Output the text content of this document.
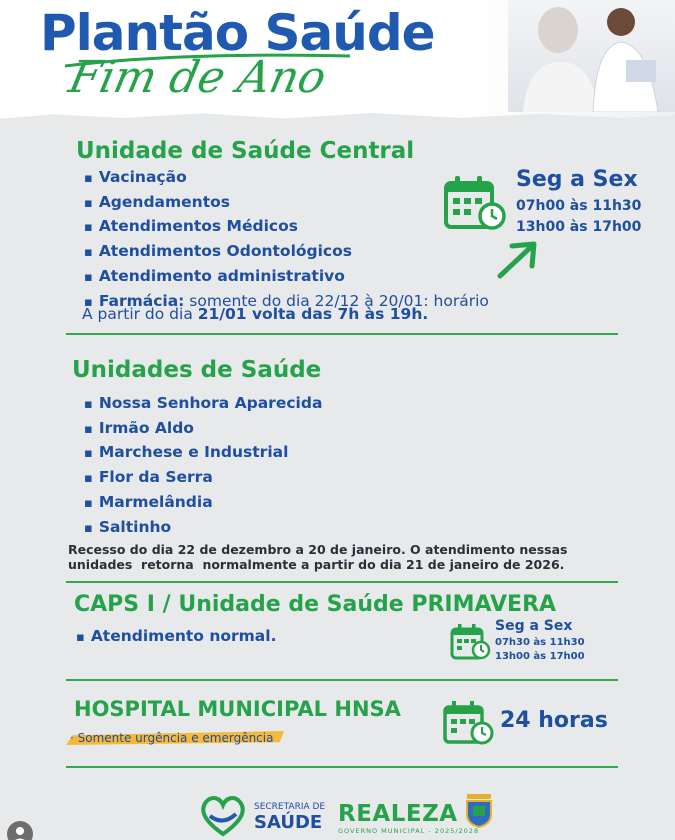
Plantão Saúde
Fim de Ano
Unidade de Saúde Central
▪ Vacinação
▪ Agendamentos
▪ Atendimentos Médicos
▪ Atendimentos Odontológicos
▪ Atendimento administrativo
▪ Farmácia: somente do dia 22/12 à 20/01: horário
A partir do dia 21/01 volta das 7h às 19h.
Seg a Sex
07h00 às 11h30
13h00 às 17h00
Unidades de Saúde
▪ Nossa Senhora Aparecida
▪ Irmão Aldo
▪ Marchese e Industrial
▪ Flor da Serra
▪ Marmelândia
▪ Saltinho
Recesso do dia 22 de dezembro a 20 de janeiro. O atendimento nessas
unidades  retorna  normalmente a partir do dia 21 de janeiro de 2026.
CAPS I / Unidade de Saúde PRIMAVERA
▪ Atendimento normal.
Seg a Sex
07h30 às 11h30
13h00 às 17h00
HOSPITAL MUNICIPAL HNSA
· Somente urgência e emergência
24 horas
SECRETARIA DE
SAÚDE REALEZA
GOVERNO MUNICIPAL - 2025/2028
